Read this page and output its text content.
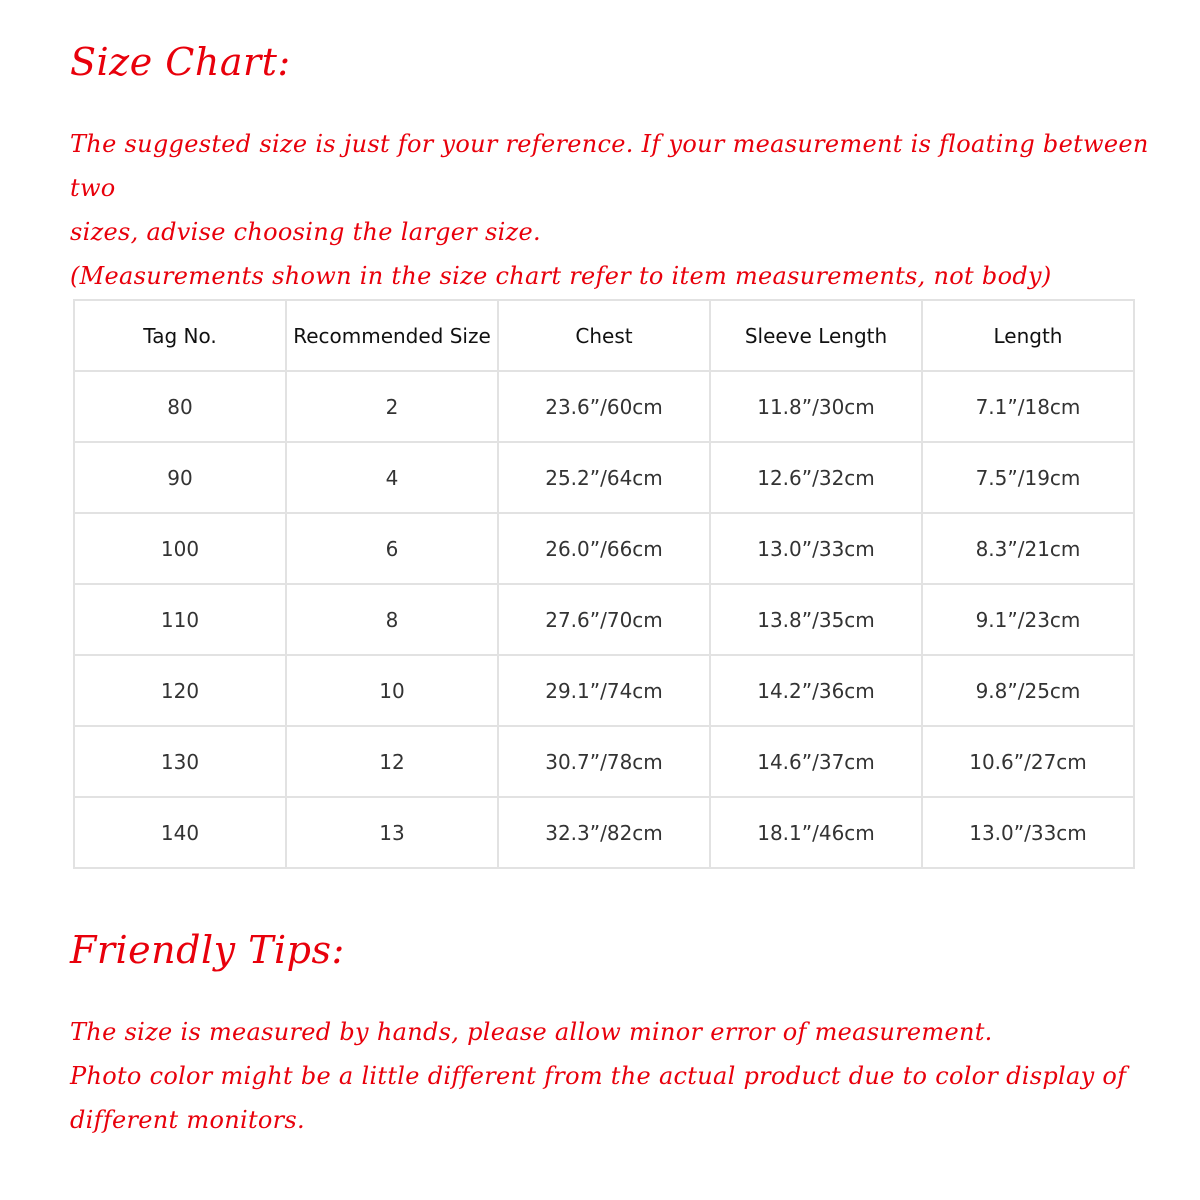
Size Chart:

The suggested size is just for your reference. If your measurement is floating between two

sizes, advise choosing the larger size.

(Measurements shown in the size chart refer to item measurements, not body)

Tag No.	Recommended Size	Chest	Sleeve Length	Length
80	2	23.6”/60cm	11.8”/30cm	7.1”/18cm
90	4	25.2”/64cm	12.6”/32cm	7.5”/19cm
100	6	26.0”/66cm	13.0”/33cm	8.3”/21cm
110	8	27.6”/70cm	13.8”/35cm	9.1”/23cm
120	10	29.1”/74cm	14.2”/36cm	9.8”/25cm
130	12	30.7”/78cm	14.6”/37cm	10.6”/27cm
140	13	32.3”/82cm	18.1”/46cm	13.0”/33cm
Friendly Tips:

The size is measured by hands, please allow minor error of measurement.

Photo color might be a little different from the actual product due to color display of

different monitors.
